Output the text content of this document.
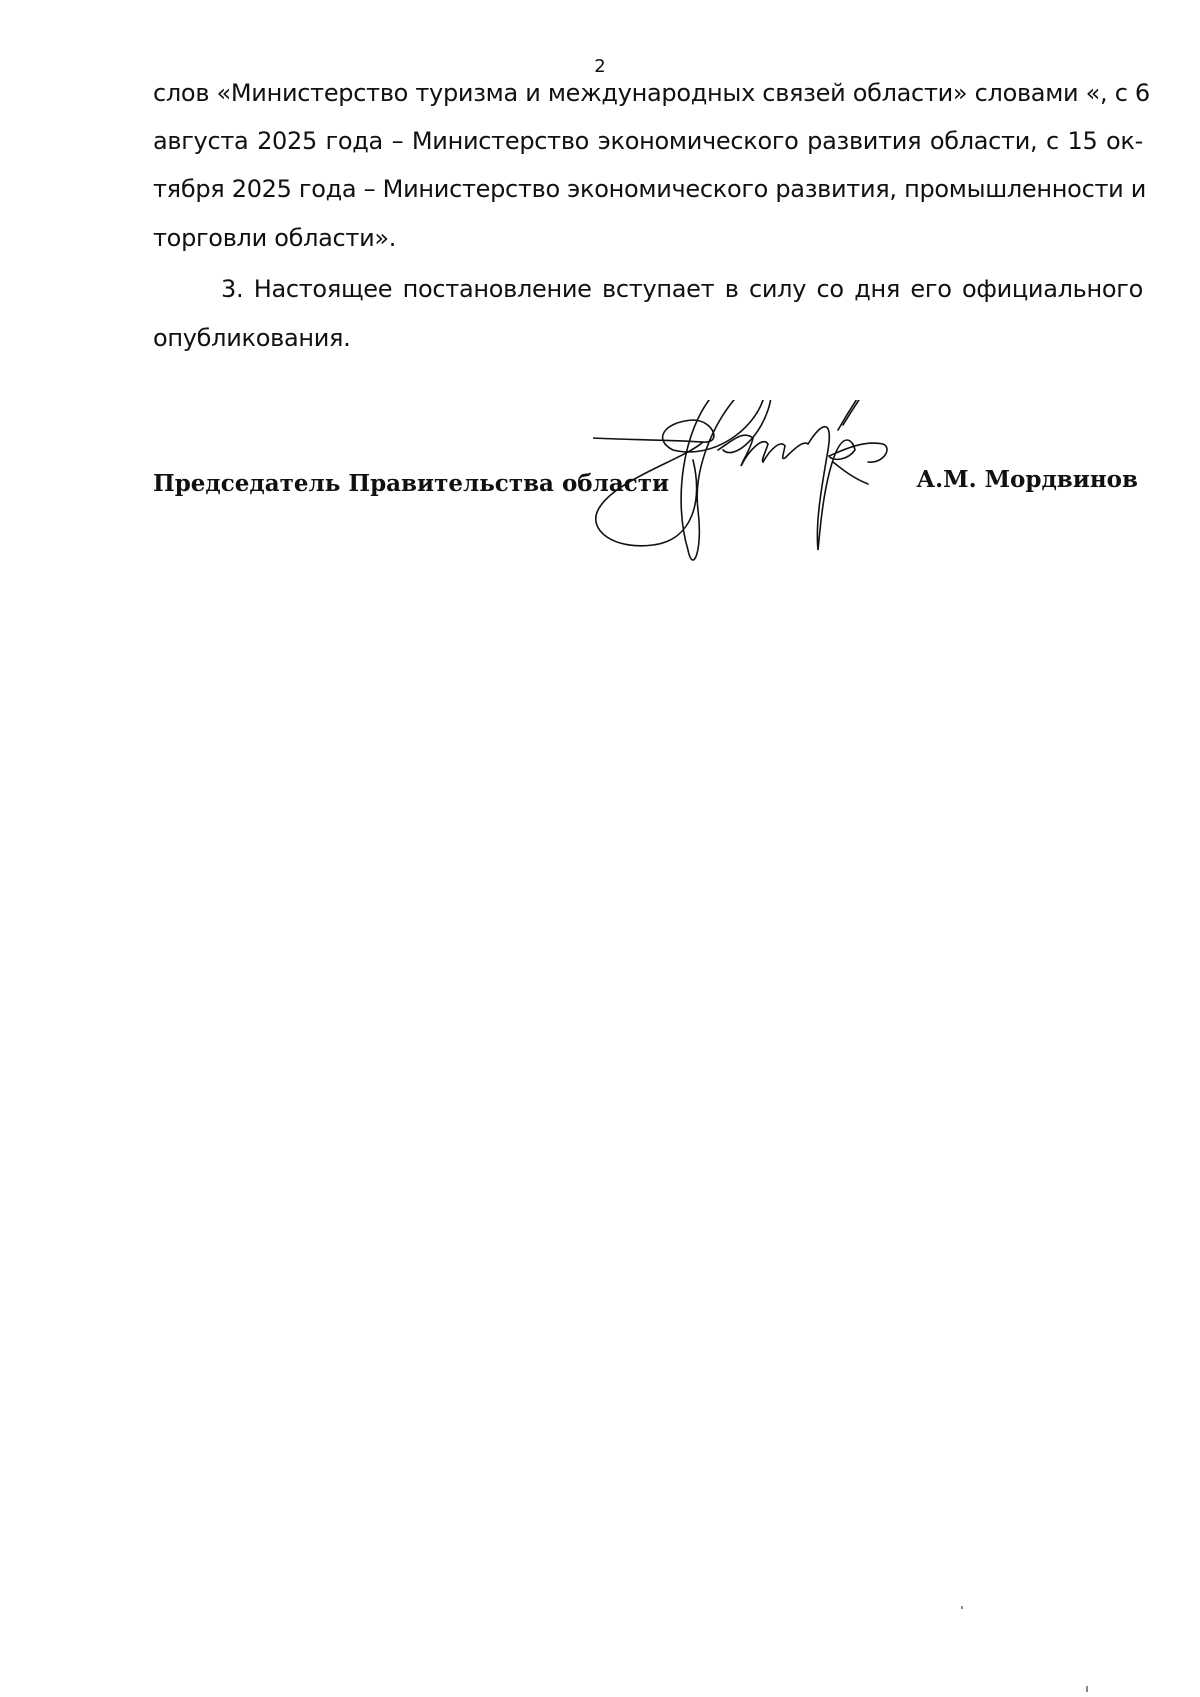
2
слов «Министерство туризма и международных связей области» словами «, с 6
августа 2025 года – Министерство экономического развития области, с 15 ок-
тября 2025 года – Министерство экономического развития, промышленности и
торговли области».
3. Настоящее постановление вступает в силу со дня его официального
опубликования.
Председатель Правительства области	А.М. Мордвинов
